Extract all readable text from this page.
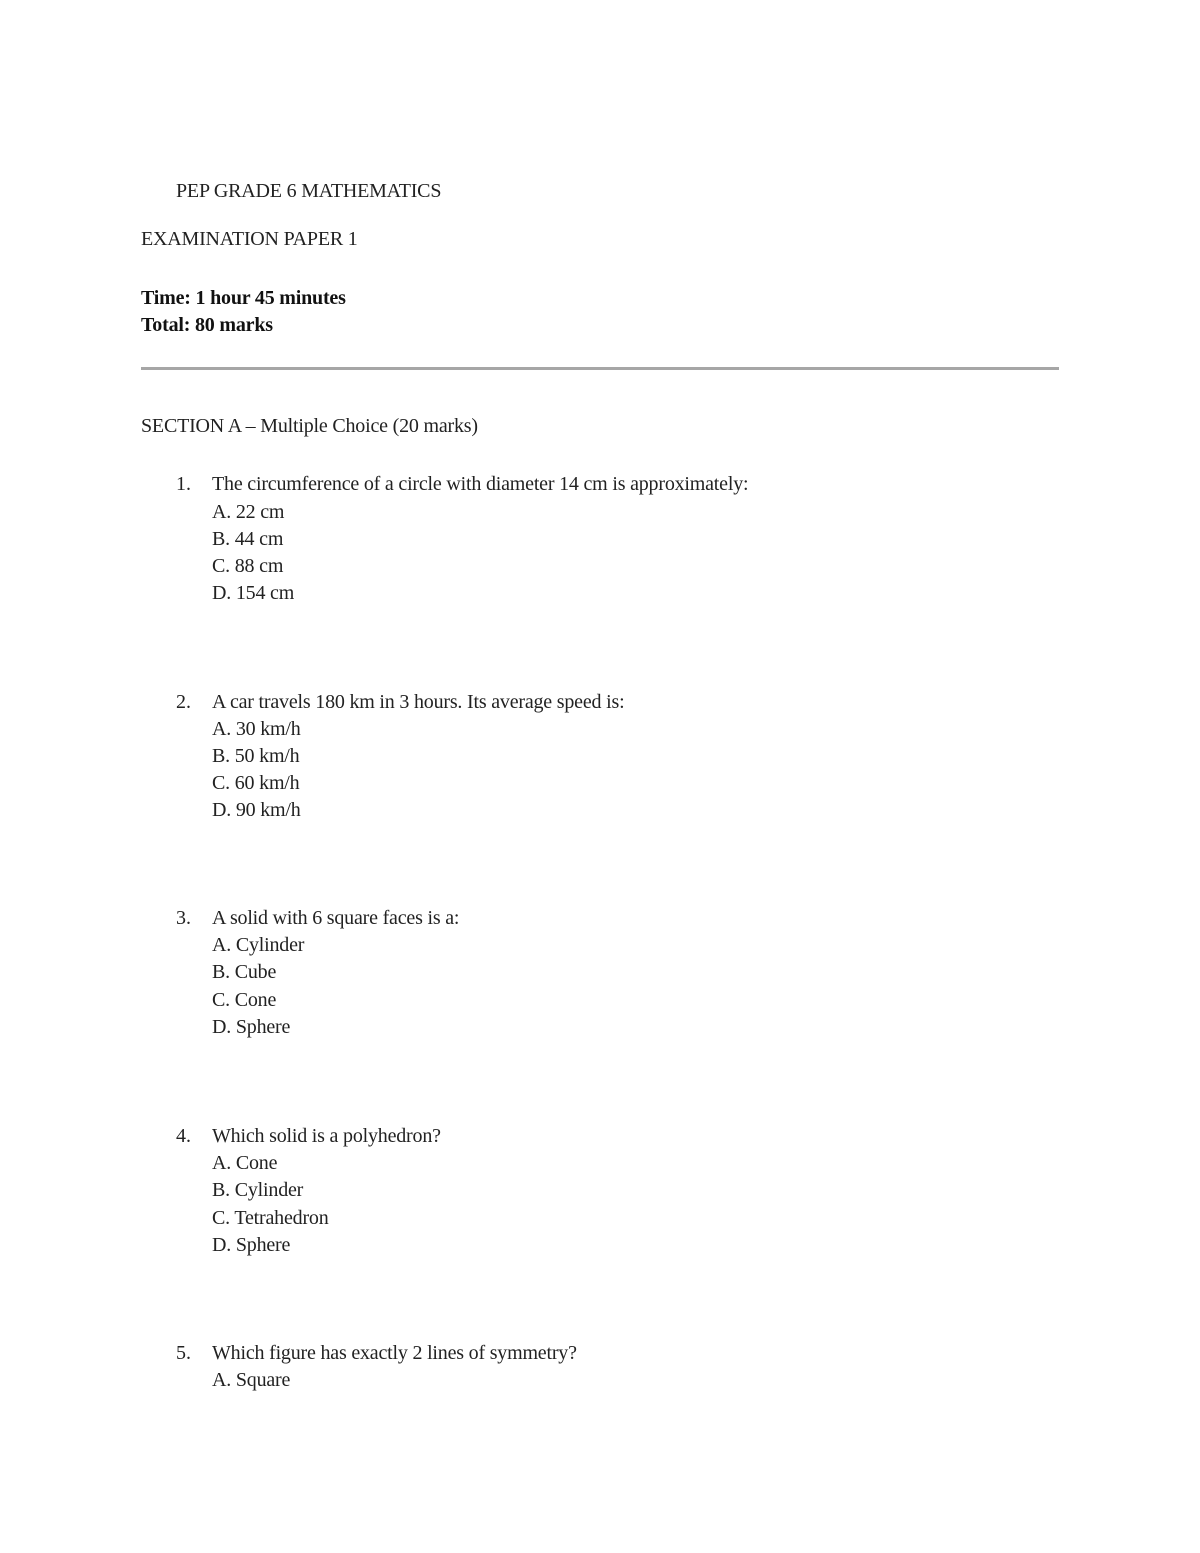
PEP GRADE 6 MATHEMATICS
EXAMINATION PAPER 1
Time: 1 hour 45 minutes
Total: 80 marks
SECTION A – Multiple Choice (20 marks)
1. The circumference of a circle with diameter 14 cm is approximately:
A. 22 cm
B. 44 cm
C. 88 cm
D. 154 cm
2. A car travels 180 km in 3 hours. Its average speed is:
A. 30 km/h
B. 50 km/h
C. 60 km/h
D. 90 km/h
3. A solid with 6 square faces is a:
A. Cylinder
B. Cube
C. Cone
D. Sphere
4. Which solid is a polyhedron?
A. Cone
B. Cylinder
C. Tetrahedron
D. Sphere
5. Which figure has exactly 2 lines of symmetry?
A. Square
